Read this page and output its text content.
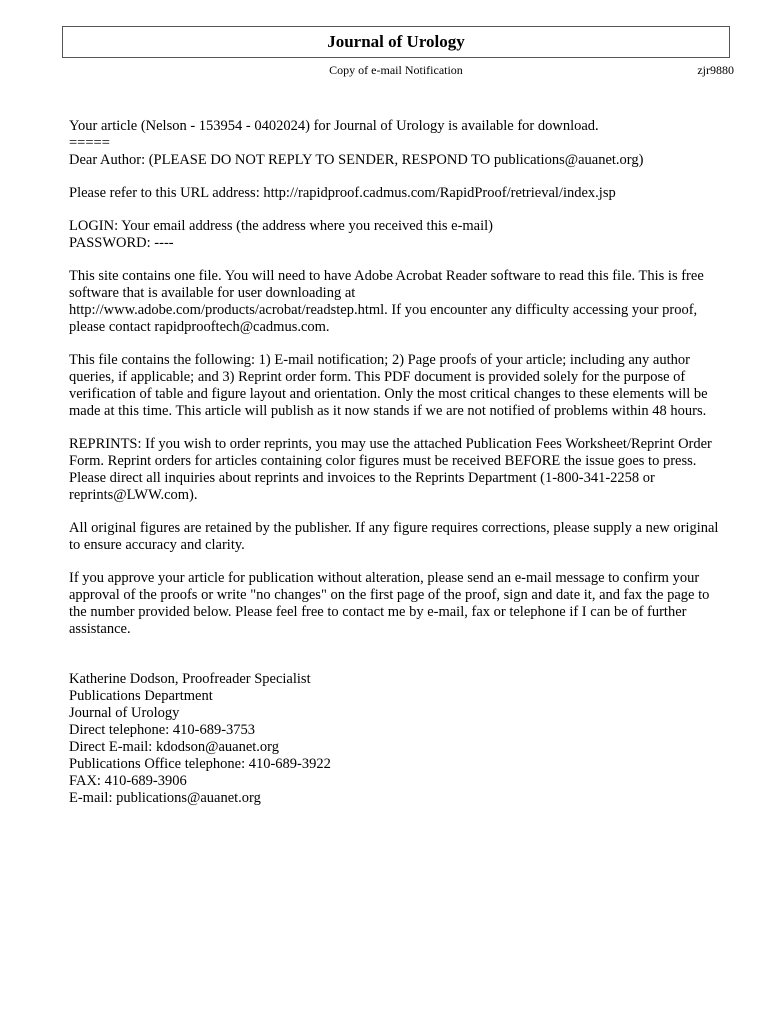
Journal of Urology
Copy of e-mail Notification	zjr9880

Your article (Nelson - 153954 - 0402024) for Journal of Urology is available for download.
=====
Dear Author: (PLEASE DO NOT REPLY TO SENDER, RESPOND TO publications@auanet.org)

Please refer to this URL address: http://rapidproof.cadmus.com/RapidProof/retrieval/index.jsp

LOGIN: Your email address (the address where you received this e-mail)
PASSWORD: ----

This site contains one file. You will need to have Adobe Acrobat Reader software to read this file. This is free software that is available for user downloading at
http://www.adobe.com/products/acrobat/readstep.html. If you encounter any difficulty accessing your proof, please contact rapidprooftech@cadmus.com.

This file contains the following: 1) E-mail notification; 2) Page proofs of your article; including any author queries, if applicable; and 3) Reprint order form. This PDF document is provided solely for the purpose of verification of table and figure layout and orientation. Only the most critical changes to these elements will be made at this time. This article will publish as it now stands if we are not notified of problems within 48 hours.

REPRINTS: If you wish to order reprints, you may use the attached Publication Fees Worksheet/Reprint Order Form. Reprint orders for articles containing color figures must be received BEFORE the issue goes to press. Please direct all inquiries about reprints and invoices to the Reprints Department (1-800-341-2258 or reprints@LWW.com).

All original figures are retained by the publisher. If any figure requires corrections, please supply a new original to ensure accuracy and clarity.

If you approve your article for publication without alteration, please send an e-mail message to confirm your approval of the proofs or write "no changes" on the first page of the proof, sign and date it, and fax the page to the number provided below. Please feel free to contact me by e-mail, fax or telephone if I can be of further assistance.

Katherine Dodson, Proofreader Specialist
Publications Department
Journal of Urology
Direct telephone: 410-689-3753
Direct E-mail: kdodson@auanet.org
Publications Office telephone: 410-689-3922
FAX: 410-689-3906
E-mail: publications@auanet.org
